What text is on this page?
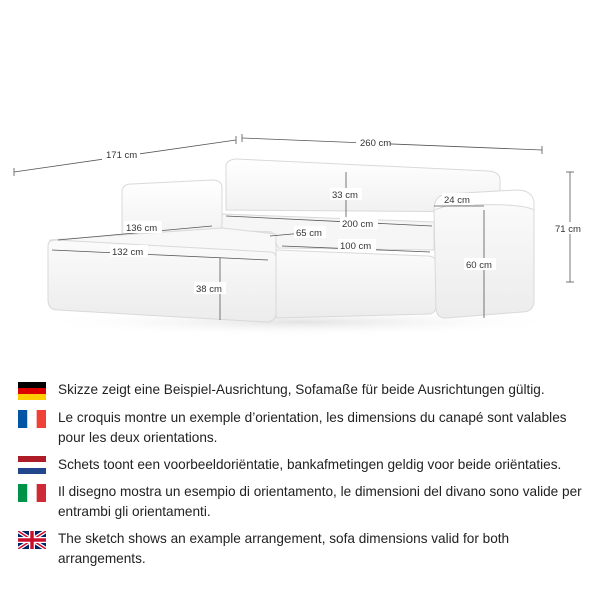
260 cm
171 cm
71 cm
33 cm	24 cm
200 cm
136 cm	65 cm
100 cm
132 cm
60 cm
38 cm
Skizze zeigt eine Beispiel-Ausrichtung, Sofamaße für beide Ausrichtungen gültig.
Le croquis montre un exemple d’orientation, les dimensions du canapé sont valables pour les deux orientations.
Schets toont een voorbeeldoriëntatie, bankafmetingen geldig voor beide oriëntaties.
Il disegno mostra un esempio di orientamento, le dimensioni del divano sono valide per entrambi gli orientamenti.
The sketch shows an example arrangement, sofa dimensions valid for both arrangements.
